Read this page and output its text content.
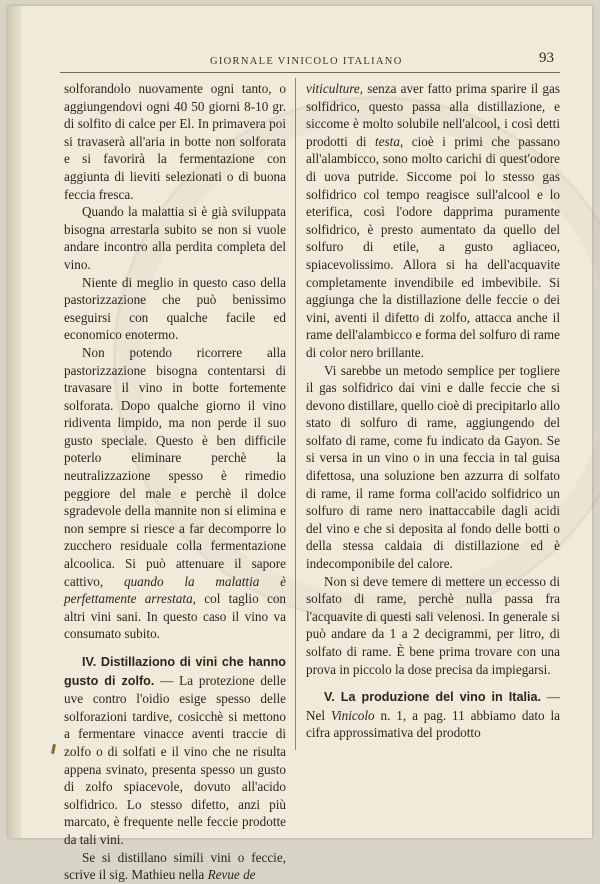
GIORNALE VINICOLO ITALIANO	93

solforandolo nuovamente ogni tanto, o aggiungendovi ogni 40 50 giorni 8-10 gr. di solfito di calce per El. In primavera poi si travaserà all'aria in botte non solforata e si favorirà la fermentazione con aggiunta di lieviti selezionati o di buona feccia fresca.

Quando la malattia si è già sviluppata bisogna arrestarla subito se non si vuole andare incontro alla perdita completa del vino.

Niente di meglio in questo caso della pastorizzazione che può benissimo eseguirsi con qualche facile ed economico enotermo.

Non potendo ricorrere alla pastorizzazione bisogna contentarsi di travasare il vino in botte fortemente solforata. Dopo qualche giorno il vino ridiventa limpido, ma non perde il suo gusto speciale. Questo è ben difficile poterlo eliminare perchè la neutralizzazione spesso è rimedio peggiore del male e perchè il dolce sgradevole della mannite non si elimina e non sempre si riesce a far decomporre lo zucchero residuale colla fermentazione alcoolica. Si può attenuare il sapore cattivo, quando la malattia è perfettamente arrestata, col taglio con altri vini sani. In questo caso il vino va consumato subito.

IV. Distillaziono di vini che hanno gusto di zolfo. — La protezione delle uve contro l'oidio esige spesso delle solforazioni tardive, cosicchè si mettono a fermentare vinacce aventi traccie di zolfo o di solfati e il vino che ne risulta appena svinato, presenta spesso un gusto di zolfo spiacevole, dovuto all'acido solfidrico. Lo stesso difetto, anzi più marcato, è frequente nelle feccie prodotte da tali vini.

Se si distillano simili vini o feccie, scrive il sig. Mathieu nella Revue de

viticulture, senza aver fatto prima sparire il gas solfidrico, questo passa alla distillazione, e siccome è molto solubile nell'alcool, i così detti prodotti di testa, cioè i primi che passano all'alambicco, sono molto carichi di quest'odore di uova putride. Siccome poi lo stesso gas solfidrico col tempo reagisce sull'alcool e lo eterifica, così l'odore dapprima puramente solfidrico, è presto aumentato da quello del solfuro di etile, a gusto agliaceo, spiacevolissimo. Allora si ha dell'acquavite completamente invendibile ed imbevibile. Si aggiunga che la distillazione delle feccie o dei vini, aventi il difetto di zolfo, attacca anche il rame dell'alambicco e forma del solfuro di rame di color nero brillante.

Vi sarebbe un metodo semplice per togliere il gas solfidrico dai vini e dalle feccie che si devono distillare, quello cioè di precipitarlo allo stato di solfuro di rame, aggiungendo del solfato di rame, come fu indicato da Gayon. Se si versa in un vino o in una feccia in tal guisa difettosa, una soluzione ben azzurra di solfato di rame, il rame forma coll'acido solfidrico un solfuro di rame nero inattaccabile dagli acidi del vino e che si deposita al fondo delle botti o della stessa caldaia di distillazione ed è indecomponibile del calore.

Non si deve temere di mettere un eccesso di solfato di rame, perchè nulla passa fra l'acquavite di questi sali velenosi. In generale si può andare da 1 a 2 decigrammi, per litro, di solfato di rame. È bene prima trovare con una prova in piccolo la dose precisa da impiegarsi.

V. La produzione del vino in Italia. — Nel Vinicolo n. 1, a pag. 11 abbiamo dato la cifra approssimativa del prodotto
